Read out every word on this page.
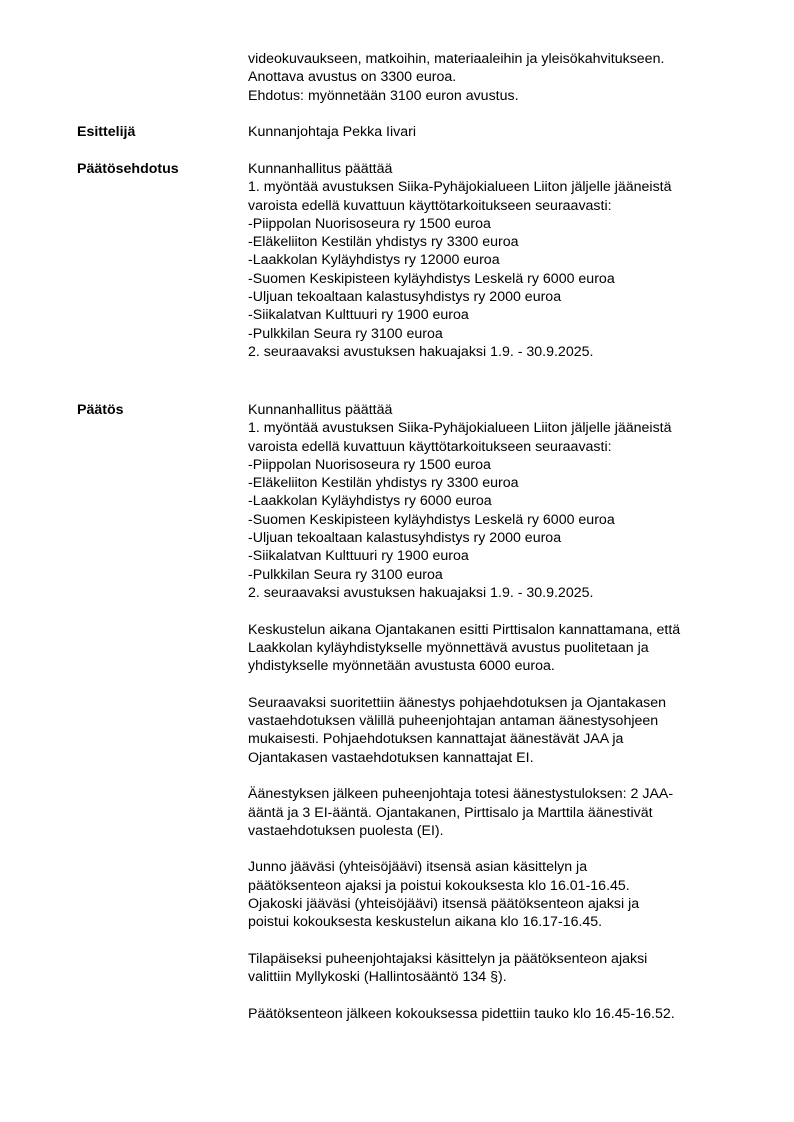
videokuvaukseen, matkoihin, materiaaleihin ja yleisökahvitukseen.
Anottava avustus on 3300 euroa.
Ehdotus: myönnetään 3100 euron avustus.
Esittelijä	Kunnanjohtaja Pekka Iivari
Päätösehdotus	Kunnanhallitus päättää
1. myöntää avustuksen Siika-Pyhäjokialueen Liiton jäljelle jääneistä
varoista edellä kuvattuun käyttötarkoitukseen seuraavasti:
-Piippolan Nuorisoseura ry 1500 euroa
-Eläkeliiton Kestilän yhdistys ry 3300 euroa
-Laakkolan Kyläyhdistys ry 12000 euroa
-Suomen Keskipisteen kyläyhdistys Leskelä ry 6000 euroa
-Uljuan tekoaltaan kalastusyhdistys ry 2000 euroa
-Siikalatvan Kulttuuri ry 1900 euroa
-Pulkkilan Seura ry 3100 euroa
2. seuraavaksi avustuksen hakuajaksi 1.9. - 30.9.2025.
Päätös	Kunnanhallitus päättää
1. myöntää avustuksen Siika-Pyhäjokialueen Liiton jäljelle jääneistä
varoista edellä kuvattuun käyttötarkoitukseen seuraavasti:
-Piippolan Nuorisoseura ry 1500 euroa
-Eläkeliiton Kestilän yhdistys ry 3300 euroa
-Laakkolan Kyläyhdistys ry 6000 euroa
-Suomen Keskipisteen kyläyhdistys Leskelä ry 6000 euroa
-Uljuan tekoaltaan kalastusyhdistys ry 2000 euroa
-Siikalatvan Kulttuuri ry 1900 euroa
-Pulkkilan Seura ry 3100 euroa
2. seuraavaksi avustuksen hakuajaksi 1.9. - 30.9.2025.
Keskustelun aikana Ojantakanen esitti Pirttisalon kannattamana, että
Laakkolan kyläyhdistykselle myönnettävä avustus puolitetaan ja
yhdistykselle myönnetään avustusta 6000 euroa.
Seuraavaksi suoritettiin äänestys pohjaehdotuksen ja Ojantakasen
vastaehdotuksen välillä puheenjohtajan antaman äänestysohjeen
mukaisesti. Pohjaehdotuksen kannattajat äänestävät JAA ja
Ojantakasen vastaehdotuksen kannattajat EI.
Äänestyksen jälkeen puheenjohtaja totesi äänestystuloksen: 2 JAA-
ääntä ja 3 EI-ääntä. Ojantakanen, Pirttisalo ja Marttila äänestivät
vastaehdotuksen puolesta (EI).
Junno jääväsi (yhteisöjäävi) itsensä asian käsittelyn ja
päätöksenteon ajaksi ja poistui kokouksesta klo 16.01-16.45.
Ojakoski jääväsi (yhteisöjäävi) itsensä päätöksenteon ajaksi ja
poistui kokouksesta keskustelun aikana klo 16.17-16.45.
Tilapäiseksi puheenjohtajaksi käsittelyn ja päätöksenteon ajaksi
valittiin Myllykoski (Hallintosääntö 134 §).
Päätöksenteon jälkeen kokouksessa pidettiin tauko klo 16.45-16.52.
